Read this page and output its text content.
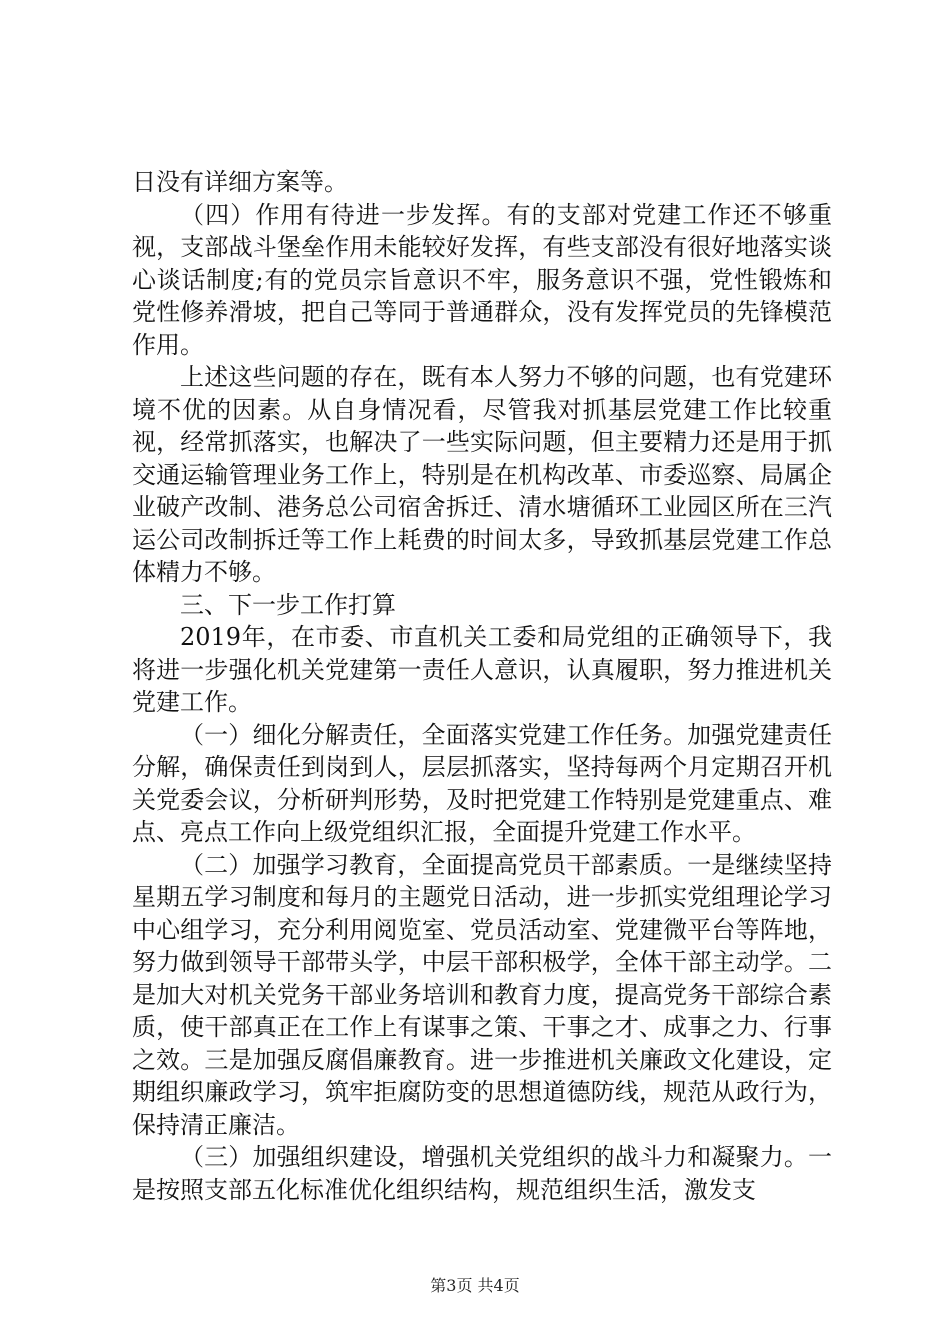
日没有详细方案等。

（四）作用有待进一步发挥。有的支部对党建工作还不够重视，支部战斗堡垒作用未能较好发挥，有些支部没有很好地落实谈心谈话制度;有的党员宗旨意识不牢，服务意识不强，党性锻炼和党性修养滑坡，把自己等同于普通群众，没有发挥党员的先锋模范作用。

上述这些问题的存在，既有本人努力不够的问题，也有党建环境不优的因素。从自身情况看，尽管我对抓基层党建工作比较重视，经常抓落实，也解决了一些实际问题，但主要精力还是用于抓交通运输管理业务工作上，特别是在机构改革、市委巡察、局属企业破产改制、港务总公司宿舍拆迁、清水塘循环工业园区所在三汽运公司改制拆迁等工作上耗费的时间太多，导致抓基层党建工作总体精力不够。

三、下一步工作打算

2019年，在市委、市直机关工委和局党组的正确领导下，我将进一步强化机关党建第一责任人意识，认真履职，努力推进机关党建工作。

（一）细化分解责任，全面落实党建工作任务。加强党建责任分解，确保责任到岗到人，层层抓落实，坚持每两个月定期召开机关党委会议，分析研判形势，及时把党建工作特别是党建重点、难点、亮点工作向上级党组织汇报，全面提升党建工作水平。

（二）加强学习教育，全面提高党员干部素质。一是继续坚持星期五学习制度和每月的主题党日活动，进一步抓实党组理论学习中心组学习，充分利用阅览室、党员活动室、党建微平台等阵地，努力做到领导干部带头学，中层干部积极学，全体干部主动学。二是加大对机关党务干部业务培训和教育力度，提高党务干部综合素质，使干部真正在工作上有谋事之策、干事之才、成事之力、行事之效。三是加强反腐倡廉教育。进一步推进机关廉政文化建设，定期组织廉政学习，筑牢拒腐防变的思想道德防线，规范从政行为，保持清正廉洁。

（三）加强组织建设，增强机关党组织的战斗力和凝聚力。一是按照支部五化标准优化组织结构，规范组织生活，激发支

第3页 共4页
